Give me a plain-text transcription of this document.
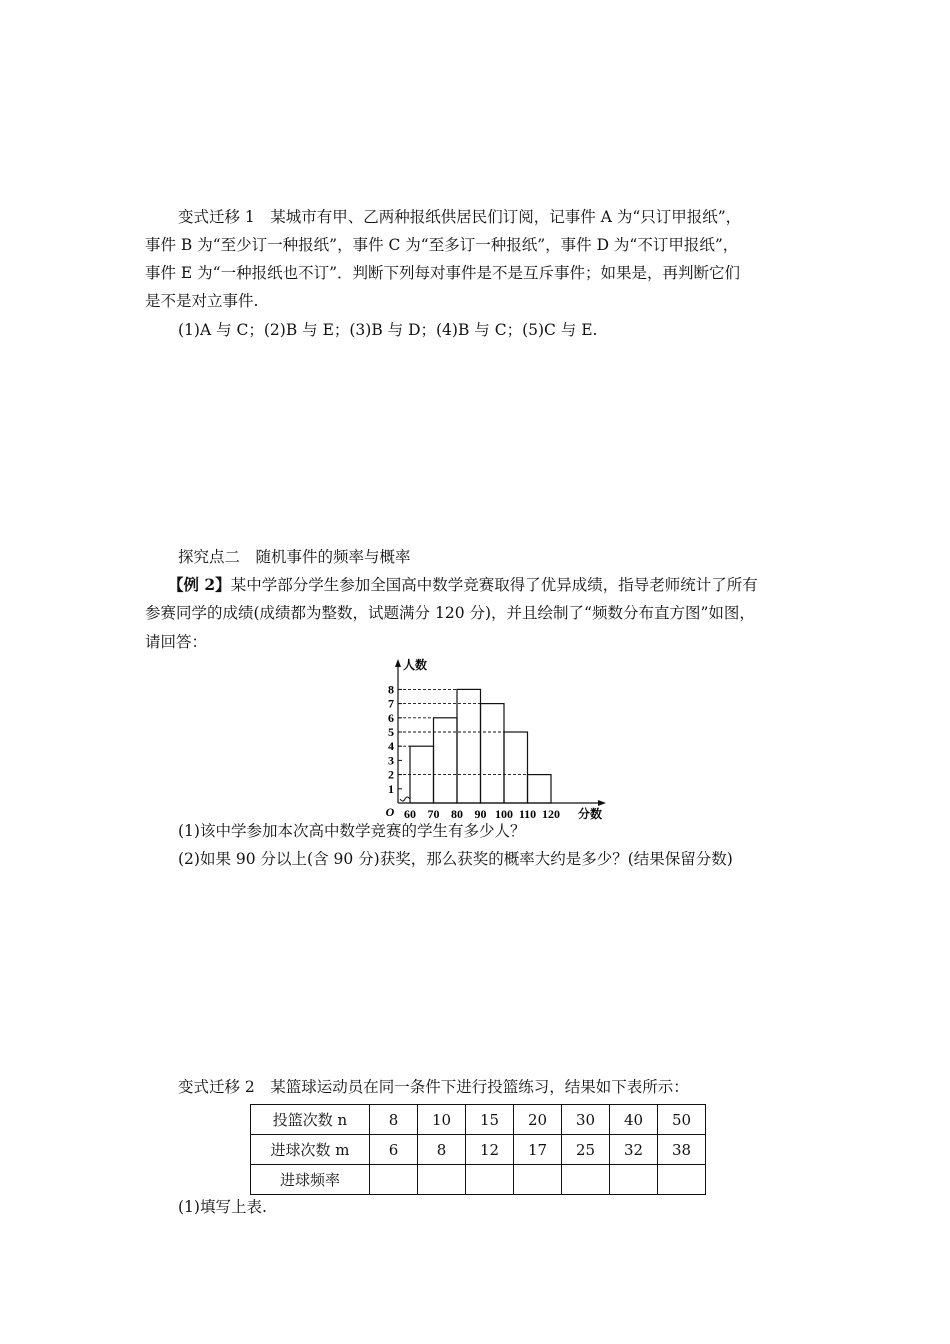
变式迁移 1　某城市有甲、乙两种报纸供居民们订阅，记事件 A 为“只订甲报纸”，
事件 B 为“至少订一种报纸”，事件 C 为“至多订一种报纸”，事件 D 为“不订甲报纸”，
事件 E 为“一种报纸也不订”．判断下列每对事件是不是互斥事件；如果是，再判断它们
是不是对立事件.
(1)A 与 C；(2)B 与 E；(3)B 与 D；(4)B 与 C；(5)C 与 E.
探究点二　随机事件的频率与概率
【例 2】某中学部分学生参加全国高中数学竞赛取得了优异成绩，指导老师统计了所有
参赛同学的成绩(成绩都为整数，试题满分 120 分)，并且绘制了“频数分布直方图”如图，
请回答：
1
2
3
4
5
6
7
8
60 70 80 90 100 110 120
O
人数
分数
(1)该中学参加本次高中数学竞赛的学生有多少人？
(2)如果 90 分以上(含 90 分)获奖，那么获奖的概率大约是多少？(结果保留分数)
变式迁移 2　某篮球运动员在同一条件下进行投篮练习，结果如下表所示：
投篮次数 n	8	10	15	20	30	40	50
进球次数 m	6	8	12	17	25	32	38
进球频率							
(1)填写上表.
